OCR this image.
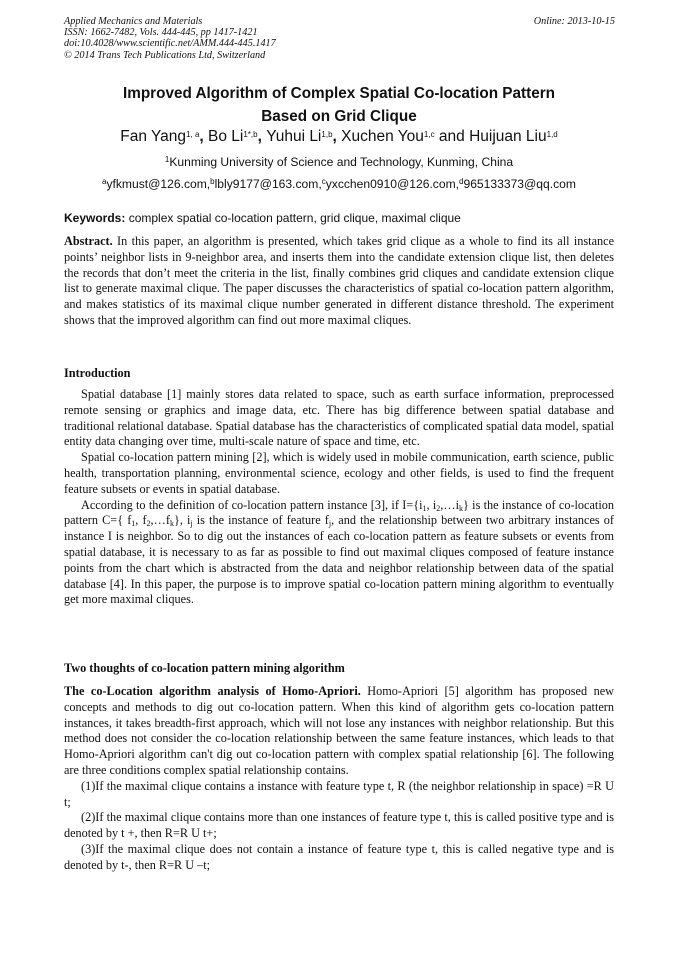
Applied Mechanics and Materials
ISSN: 1662-7482, Vols. 444-445, pp 1417-1421
doi:10.4028/www.scientific.net/AMM.444-445.1417
© 2014 Trans Tech Publications Ltd, Switzerland
Online: 2013-10-15
Improved Algorithm of Complex Spatial Co-location Pattern
Based on Grid Clique
Fan Yang$^{1, a}$, Bo $Li^{1*,b}$, Yuhui Li$^{1,b}$, Xuchen You$^{1,c}$ and Huijuan Liu$^{1,d}$
$^1$Kunming University of Science and Technology, Kunming, China
$^a$yfkmust@126.com,$^b$lbly9177@163.com,$^c$yxcchen0910@126.com,$^d$965133373@qq.com
Keywords: complex spatial co-location pattern, grid clique, maximal clique

Abstract. In this paper, an algorithm is presented, which takes grid clique as a whole to find its all instance points’ neighbor lists in 9-neighbor area, and inserts them into the candidate extension clique list, then deletes the records that don’t meet the criteria in the list, finally combines grid cliques and candidate extension clique list to generate maximal clique. The paper discusses the characteristics of spatial co-location pattern algorithm, and makes statistics of its maximal clique number generated in different distance threshold. The experiment shows that the improved algorithm can find out more maximal cliques.

Introduction

Spatial database [1] mainly stores data related to space, such as earth surface information, preprocessed remote sensing or graphics and image data, etc. There has big difference between spatial database and traditional relational database. Spatial database has the characteristics of complicated spatial data model, spatial entity data changing over time, multi-scale nature of space and time, etc.

Spatial co-location pattern mining [2], which is widely used in mobile communication, earth science, public health, transportation planning, environmental science, ecology and other fields, is used to find the frequent feature subsets or events in spatial database.

According to the definition of co-location pattern instance [3], if $I=\{i_1$, $i_2,\dots i_k$} is the instance of co-location pattern C={ $f_1$, $f_2,\dots f_k$}, $i_j$ is the instance of feature $f_j$, and the relationship between two arbitrary instances of instance I is neighbor. So to dig out the instances of each co-location pattern as feature subsets or events from spatial database, it is necessary to as far as possible to find out maximal cliques composed of feature instance points from the chart which is abstracted from the data and neighbor relationship between data of the spatial database [4]. In this paper, the purpose is to improve spatial co-location pattern mining algorithm to eventually get more maximal cliques.

Two thoughts of co-location pattern mining algorithm

The co-Location algorithm analysis of Homo-Apriori. Homo-Apriori [5] algorithm has proposed new concepts and methods to dig out co-location pattern. When this kind of algorithm gets co-location pattern instances, it takes breadth-first approach, which will not lose any instances with neighbor relationship. But this method does not consider the co-location relationship between the same feature instances, which leads to that Homo-Apriori algorithm can't dig out co-location pattern with complex spatial relationship [6]. The following are three conditions complex spatial relationship contains.

(1)If the maximal clique contains a instance with feature type t, R (the neighbor relationship in space) =R U t;

(2)If the maximal clique contains more than one instances of feature type t, this is called positive type and is denoted by t +, then R=R U t+;

(3)If the maximal clique does not contain a instance of feature type t, this is called negative type and is denoted by t-, then R=R U –t;
